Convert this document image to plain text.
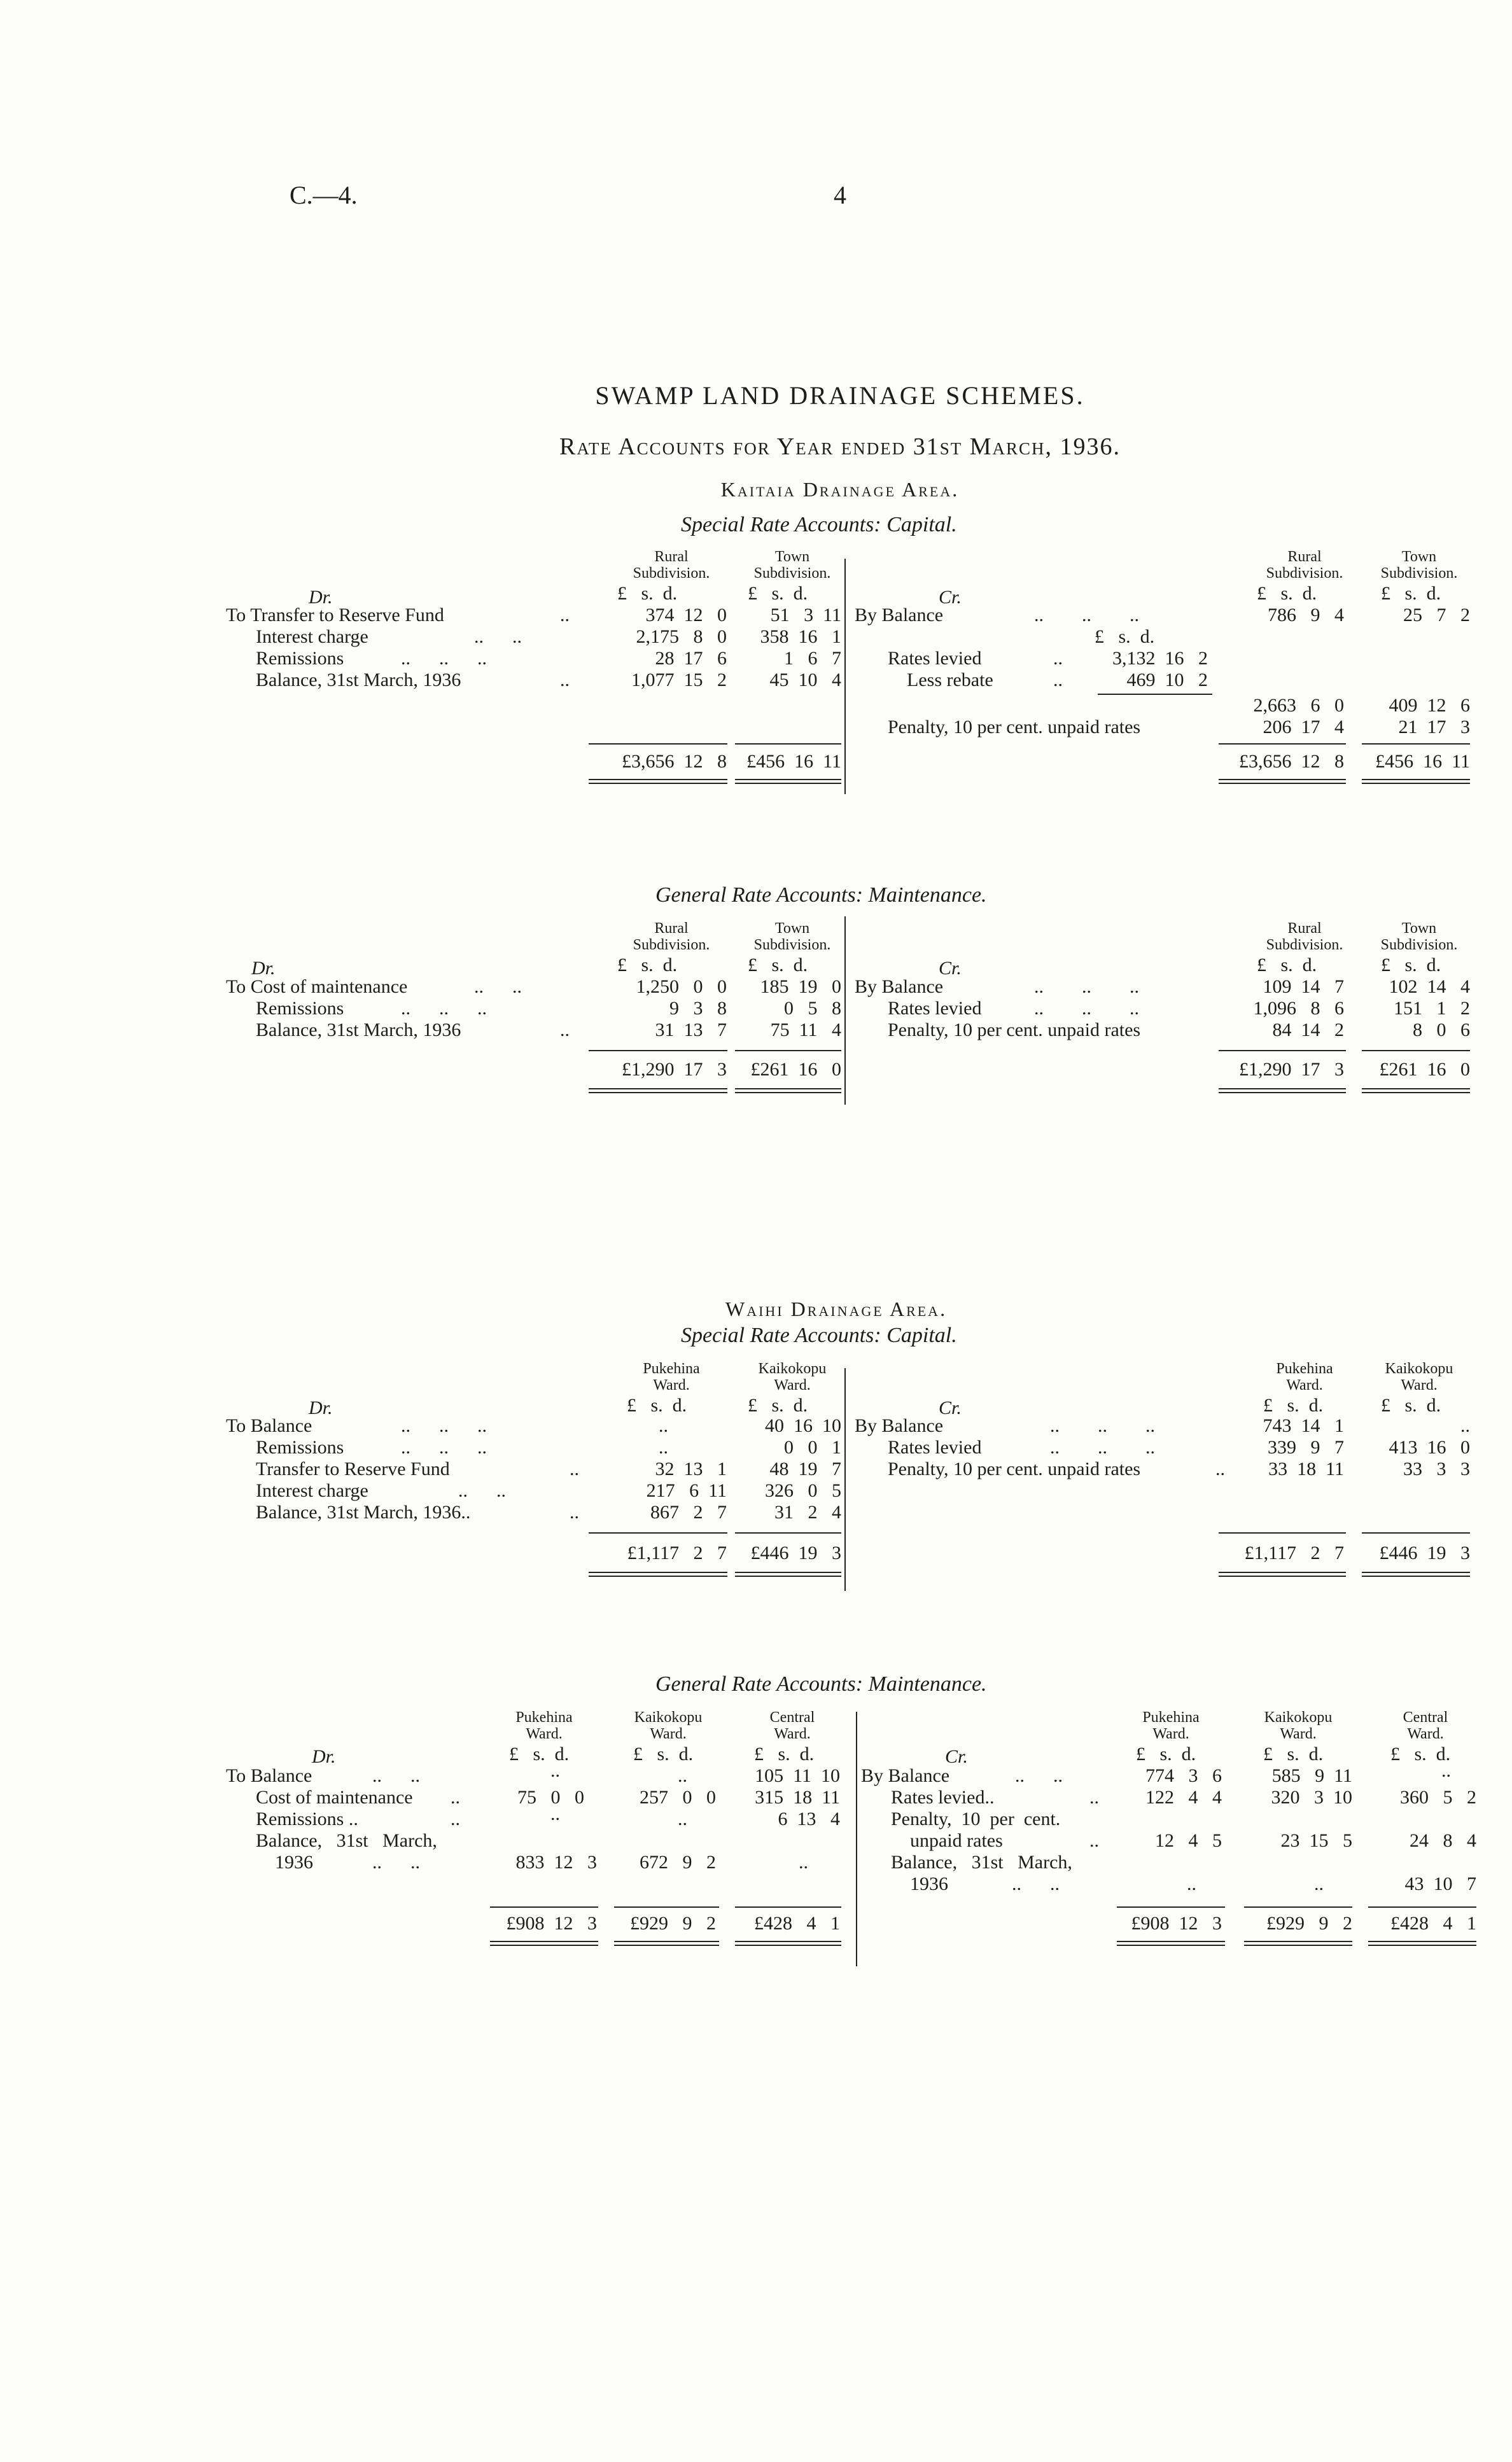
C.—4.	4
SWAMP LAND DRAINAGE SCHEMES.
Rate Accounts for Year ended 31st March, 1936.
Kaitaia Drainage Area.
Special Rate Accounts: Capital.
Rural
Subdivision.
Town
Subdivision.
£   s.  d.	£   s.  d.
Dr.
To Transfer to Reserve Fund	..	374  12   0	51   3  11
Interest charge	..      ..	2,175   8   0	358  16   1
Remissions	..      ..      ..	28  17   6	1   6   7
Balance, 31st March, 1936	..	1,077  15   2	45  10   4
£3,656  12   8	£456  16  11
Rural
Subdivision.
Town
Subdivision.
£   s.  d.	£   s.  d.
Cr.
By Balance	..        ..        ..	786   9   4	25   7   2
£   s.  d.
Rates levied	..	3,132  16   2
Less rebate	..	469  10   2
2,663   6   0	409  12   6
Penalty, 10 per cent. unpaid rates	206  17   4	21  17   3
£3,656  12   8	£456  16  11
General Rate Accounts: Maintenance.
Rural
Subdivision.
Town
Subdivision.
£   s.  d.	£   s.  d.
Dr.
To Cost of maintenance	..      ..	1,250   0   0	185  19   0
Remissions	..      ..      ..	9   3   8	0   5   8
Balance, 31st March, 1936	..	31  13   7	75  11   4
£1,290  17   3	£261  16   0
Rural
Subdivision.
Town
Subdivision.
£   s.  d.	£   s.  d.
Cr.
By Balance	..        ..        ..	109  14   7	102  14   4
Rates levied	..        ..        ..	1,096   8   6	151   1   2
Penalty, 10 per cent. unpaid rates	84  14   2	8   0   6
£1,290  17   3	£261  16   0
Waihi Drainage Area.
Special Rate Accounts: Capital.
Pukehina
Ward.
Kaikokopu
Ward.
£   s.  d.	£   s.  d.
Dr.
To Balance	..      ..      ..	..	40  16  10
Remissions	..      ..      ..	..	0   0   1
Transfer to Reserve Fund	..	32  13   1	48  19   7
Interest charge	..      ..	217   6  11	326   0   5
Balance, 31st March, 1936..	..	867   2   7	31   2   4
£1,117   2   7	£446  19   3
Pukehina
Ward.
Kaikokopu
Ward.
£   s.  d.	£   s.  d.
Cr.
By Balance	..        ..        ..	743  14   1	..
Rates levied	..        ..        ..	339   9   7	413  16   0
Penalty, 10 per cent. unpaid rates	..	33  18  11	33   3   3
£1,117   2   7	£446  19   3
General Rate Accounts: Maintenance.
Pukehina
Ward.
Kaikokopu
Ward.
Central
Ward.
£   s.  d.	£   s.  d.	£   s.  d.
Dr.
To Balance	..      ..	..	..	105  11  10
Cost of maintenance ..	75   0   0	257   0   0	315  18  11
Remissions ..	..	..	..	6  13   4
Balance,   31st   March,
1936	..      ..	833  12   3	672   9   2	..
£908  12   3	£929   9   2	£428   4   1
Pukehina
Ward.
Kaikokopu
Ward.
Central
Ward.
£   s.  d.	£   s.  d.	£   s.  d.
Cr.
By Balance	..      ..	774   3   6	585   9  11	..
Rates levied..	..	122   4   4	320   3  10	360   5   2
Penalty,  10  per  cent.
unpaid rates	..	12   4   5	23  15   5	24   8   4
Balance,   31st   March,
1936	..      ..	..	..	43  10   7
£908  12   3	£929   9   2	£428   4   1
